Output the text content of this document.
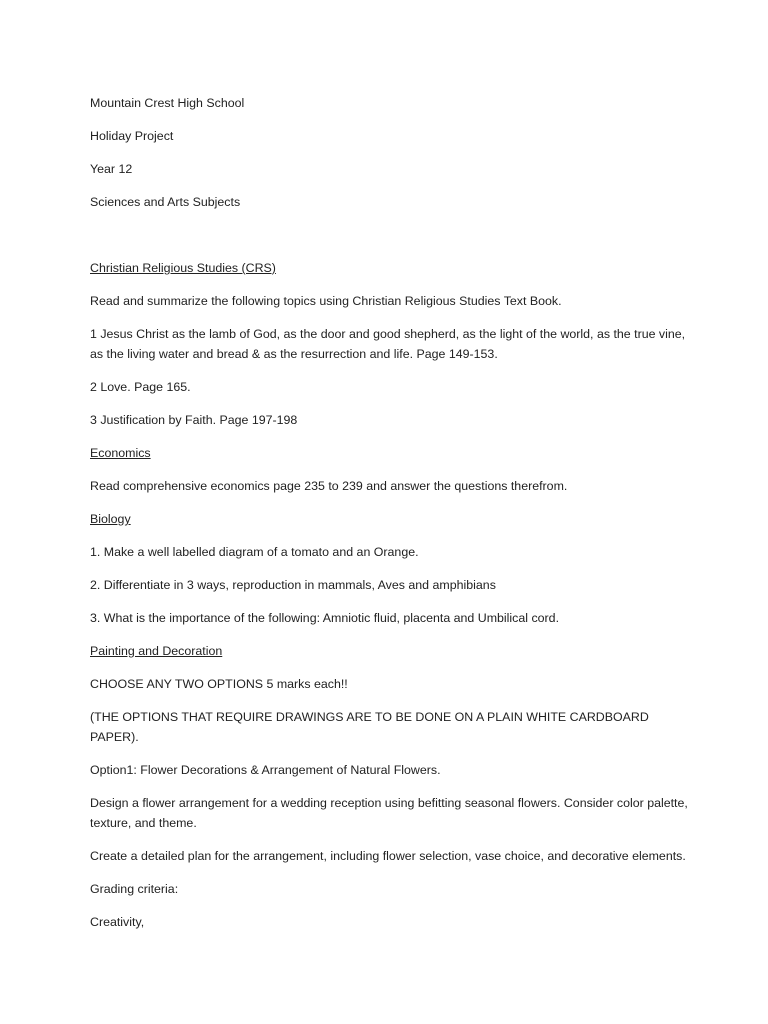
Mountain Crest High School

Holiday Project

Year 12

Sciences and Arts Subjects

Christian Religious Studies (CRS)

Read and summarize the following topics using Christian Religious Studies Text Book.

1 Jesus Christ as the lamb of God, as the door and good shepherd, as the light of the world, as the true vine, as the living water and bread & as the resurrection and life. Page 149-153.

2 Love. Page 165.

3 Justification by Faith. Page 197-198

Economics

Read comprehensive economics page 235 to 239 and answer the questions therefrom.

Biology

1. Make a well labelled diagram of a tomato and an Orange.

2. Differentiate in 3 ways, reproduction in mammals, Aves and amphibians

3. What is the importance of the following: Amniotic fluid, placenta and Umbilical cord.

Painting and Decoration

CHOOSE ANY TWO OPTIONS 5 marks each!!

(THE OPTIONS THAT REQUIRE DRAWINGS ARE TO BE DONE ON A PLAIN WHITE CARDBOARD PAPER).

Option1: Flower Decorations & Arrangement of Natural Flowers.

Design a flower arrangement for a wedding reception using befitting seasonal flowers. Consider color palette, texture, and theme.

Create a detailed plan for the arrangement, including flower selection, vase choice, and decorative elements.

Grading criteria:

Creativity,
